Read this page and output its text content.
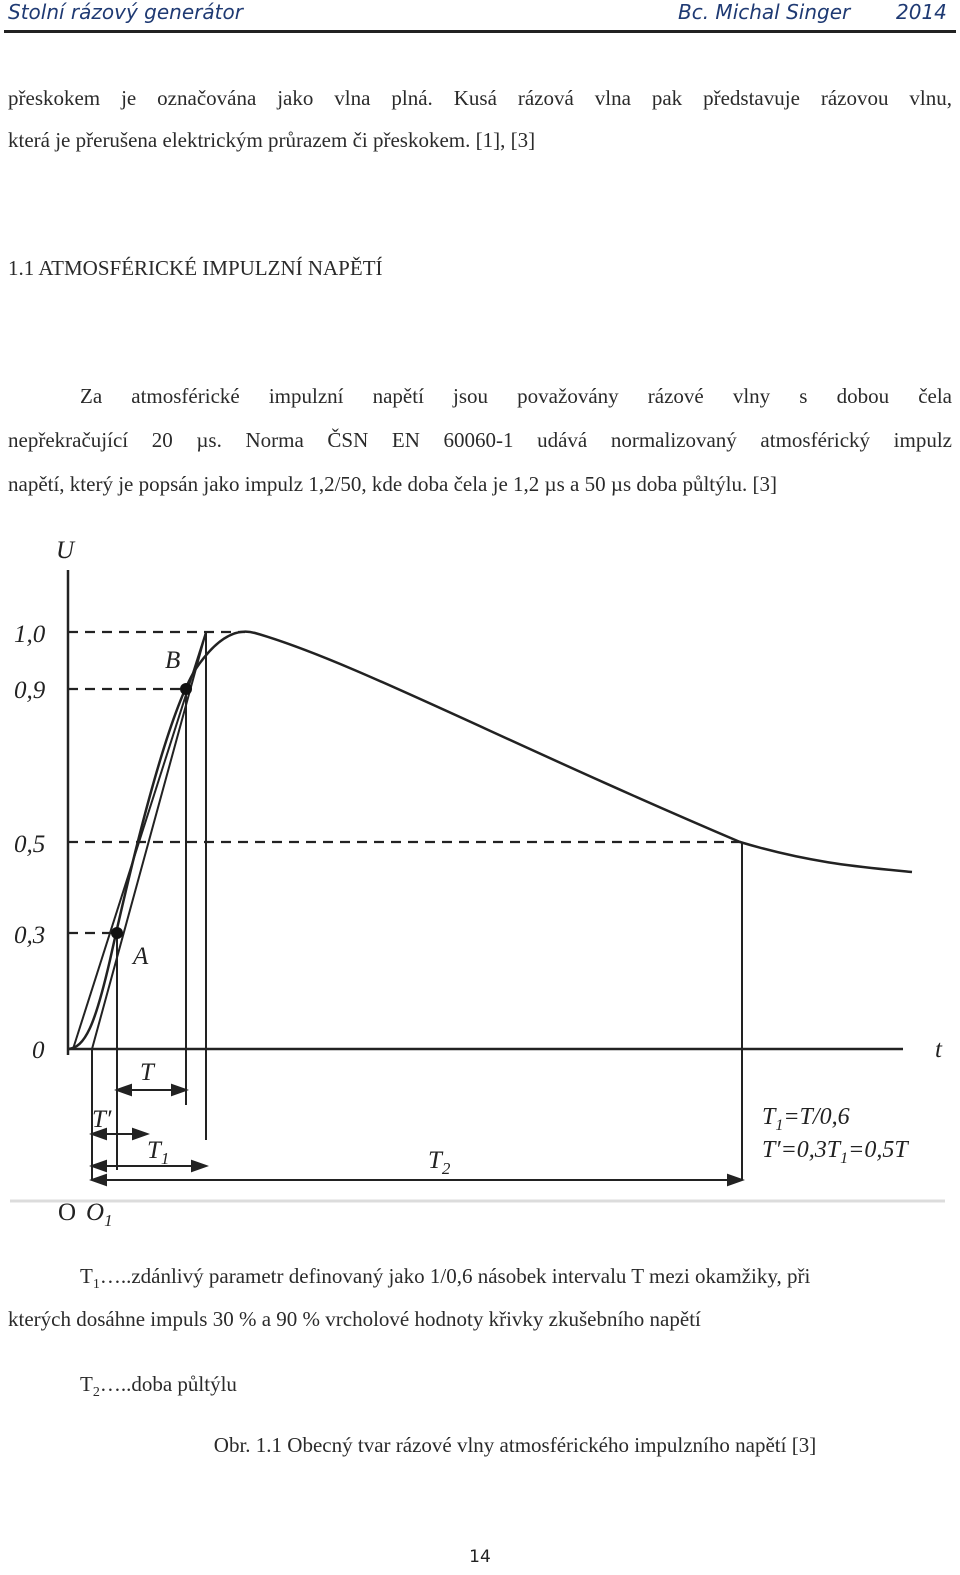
Stolní rázový generátor	Bc. Michal Singer 2014

přeskokem je označována jako vlna plná. Kusá rázová vlna pak představuje rázovou vlnu,

která je přerušena elektrickým průrazem či přeskokem. [1], [3]

1.1 ATMOSFÉRICKÉ IMPULZNÍ NAPĚTÍ

Za atmosférické impulzní napětí jsou považovány rázové vlny s dobou čela

nepřekračující 20 µs. Norma ČSN EN 60060-1 udává normalizovaný atmosférický impulz

napětí, který je popsán jako impulz 1,2/50, kde doba čela je 1,2 µs a 50 µs doba půltýlu. [3]

U
t
1,0
0,9
0,5
0,3
0
A
B
T
T′
$T_1$	$T_2$
O $O_1$
$T_1=T/0,6$
$T'=0,3T_1=0,5T$
$T_1\dots..zdánlivý$ parametr definovaný jako 1/0,6 násobek intervalu T mezi okamžiky, při
kterých dosáhne impuls 30 % a 90 % vrcholové hodnoty křivky zkušebního napětí
$T_2\dots..doba$ půltýlu
Obr. 1.1 Obecný tvar rázové vlny atmosférického impulzního napětí [3]
14
